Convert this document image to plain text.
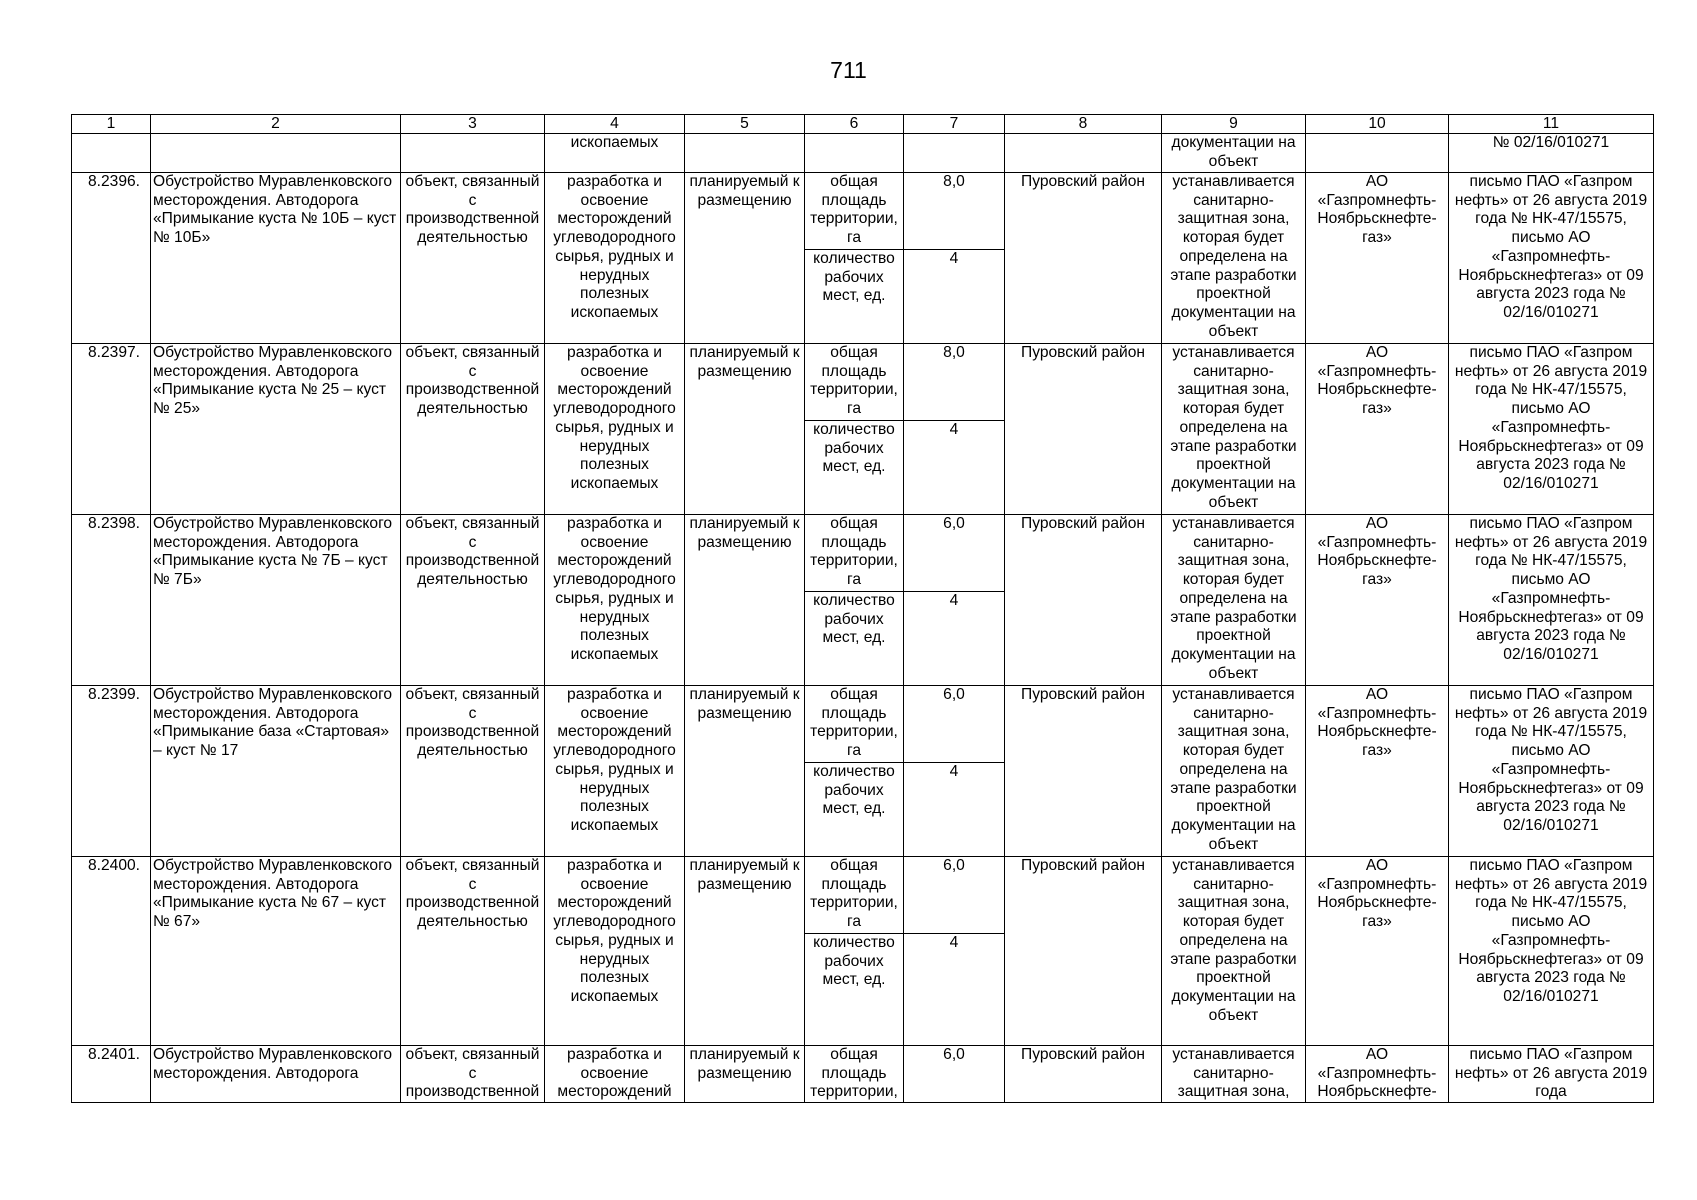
711
1	2	3	4	5	6	7	8	9	10	11
			ископаемых					документации на объект		№ 02/16/010271
8.2396.	Обустройство Муравленковского месторождения. Автодорога «Примыкание куста № 10Б – куст № 10Б»	объект, связанный с производственной деятельностью	разработка и освоение месторождений углеводородного сырья, рудных и нерудных полезных ископаемых	планируемый к размещению	общая площадь территории, га	8,0	Пуровский район	устанавливается санитарно-защитная зона, которая будет определена на этапе разработки проектной документации на объект	АО «Газпромнефть-Ноябрьскнефте-газ»	письмо ПАО «Газпром нефть» от 26 августа 2019 года № НК-47/15575, письмо АО «Газпромнефть-Ноябрьскнефтегаз» от 09 августа 2023 года № 02/16/010271
					количество рабочих мест, ед.	4				
8.2397.	Обустройство Муравленковского месторождения. Автодорога «Примыкание куста № 25 – куст № 25»	объект, связанный с производственной деятельностью	разработка и освоение месторождений углеводородного сырья, рудных и нерудных полезных ископаемых	планируемый к размещению	общая площадь территории, га	8,0	Пуровский район	устанавливается санитарно-защитная зона, которая будет определена на этапе разработки проектной документации на объект	АО «Газпромнефть-Ноябрьскнефте-газ»	письмо ПАО «Газпром нефть» от 26 августа 2019 года № НК-47/15575, письмо АО «Газпромнефть-Ноябрьскнефтегаз» от 09 августа 2023 года № 02/16/010271
					количество рабочих мест, ед.	4				
8.2398.	Обустройство Муравленковского месторождения. Автодорога «Примыкание куста № 7Б – куст № 7Б»	объект, связанный с производственной деятельностью	разработка и освоение месторождений углеводородного сырья, рудных и нерудных полезных ископаемых	планируемый к размещению	общая площадь территории, га	6,0	Пуровский район	устанавливается санитарно-защитная зона, которая будет определена на этапе разработки проектной документации на объект	АО «Газпромнефть-Ноябрьскнефте-газ»	письмо ПАО «Газпром нефть» от 26 августа 2019 года № НК-47/15575, письмо АО «Газпромнефть-Ноябрьскнефтегаз» от 09 августа 2023 года № 02/16/010271
					количество рабочих мест, ед.	4				
8.2399.	Обустройство Муравленковского месторождения. Автодорога «Примыкание база «Стартовая» – куст № 17	объект, связанный с производственной деятельностью	разработка и освоение месторождений углеводородного сырья, рудных и нерудных полезных ископаемых	планируемый к размещению	общая площадь территории, га	6,0	Пуровский район	устанавливается санитарно-защитная зона, которая будет определена на этапе разработки проектной документации на объект	АО «Газпромнефть-Ноябрьскнефте-газ»	письмо ПАО «Газпром нефть» от 26 августа 2019 года № НК-47/15575, письмо АО «Газпромнефть-Ноябрьскнефтегаз» от 09 августа 2023 года № 02/16/010271
					количество рабочих мест, ед.	4				
8.2400.	Обустройство Муравленковского месторождения. Автодорога «Примыкание куста № 67 – куст № 67»	объект, связанный с производственной деятельностью	разработка и освоение месторождений углеводородного сырья, рудных и нерудных полезных ископаемых	планируемый к размещению	общая площадь территории, га	6,0	Пуровский район	устанавливается санитарно-защитная зона, которая будет определена на этапе разработки проектной документации на объект	АО «Газпромнефть-Ноябрьскнефте-газ»	письмо ПАО «Газпром нефть» от 26 августа 2019 года № НК-47/15575, письмо АО «Газпромнефть-Ноябрьскнефтегаз» от 09 августа 2023 года № 02/16/010271
					количество рабочих мест, ед.	4				
8.2401.	Обустройство Муравленковского месторождения. Автодорога	объект, связанный с производственной	разработка и освоение месторождений	планируемый к размещению	общая площадь территории,	6,0	Пуровский район	устанавливается санитарно-защитная зона,	АО «Газпромнефть-Ноябрьскнефте-	письмо ПАО «Газпром нефть» от 26 августа 2019 года
